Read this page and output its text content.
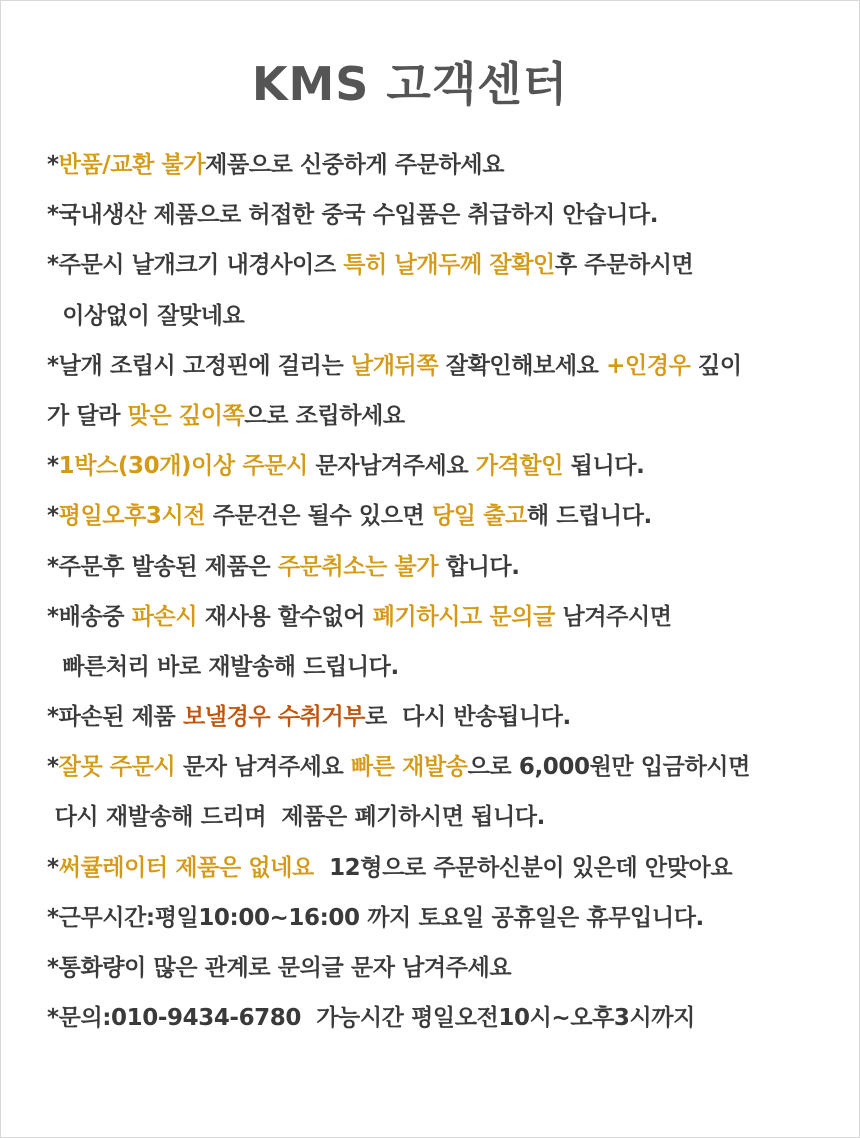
KMS 고객센터
*반품/교환 불가제품으로 신중하게 주문하세요
*국내생산 제품으로 허접한 중국 수입품은 취급하지 안습니다.
*주문시 날개크기 내경사이즈 특히 날개두께 잘확인후 주문하시면
이상없이 잘맞네요
*날개 조립시 고정핀에 걸리는 날개뒤쪽 잘확인해보세요 +인경우 깊이
가 달라 맞은 깊이쪽으로 조립하세요
*1박스(30개)이상 주문시 문자남겨주세요 가격할인 됩니다.
*평일오후3시전 주문건은 될수 있으면 당일 출고해 드립니다.
*주문후 발송된 제품은 주문취소는 불가 합니다.
*배송중 파손시 재사용 할수없어 폐기하시고 문의글 남겨주시면
빠른처리 바로 재발송해 드립니다.
*파손된 제품 보낼경우 수취거부로  다시 반송됩니다.
*잘못 주문시 문자 남겨주세요 빠른 재발송으로 6,000원만 입금하시면
다시 재발송해 드리며  제품은 폐기하시면 됩니다.
*써큘레이터 제품은 없네요  12형으로 주문하신분이 있은데 안맞아요
*근무시간:평일10:00~16:00 까지 토요일 공휴일은 휴무입니다.
*통화량이 많은 관계로 문의글 문자 남겨주세요
*문의:010-9434-6780  가능시간 평일오전10시~오후3시까지
